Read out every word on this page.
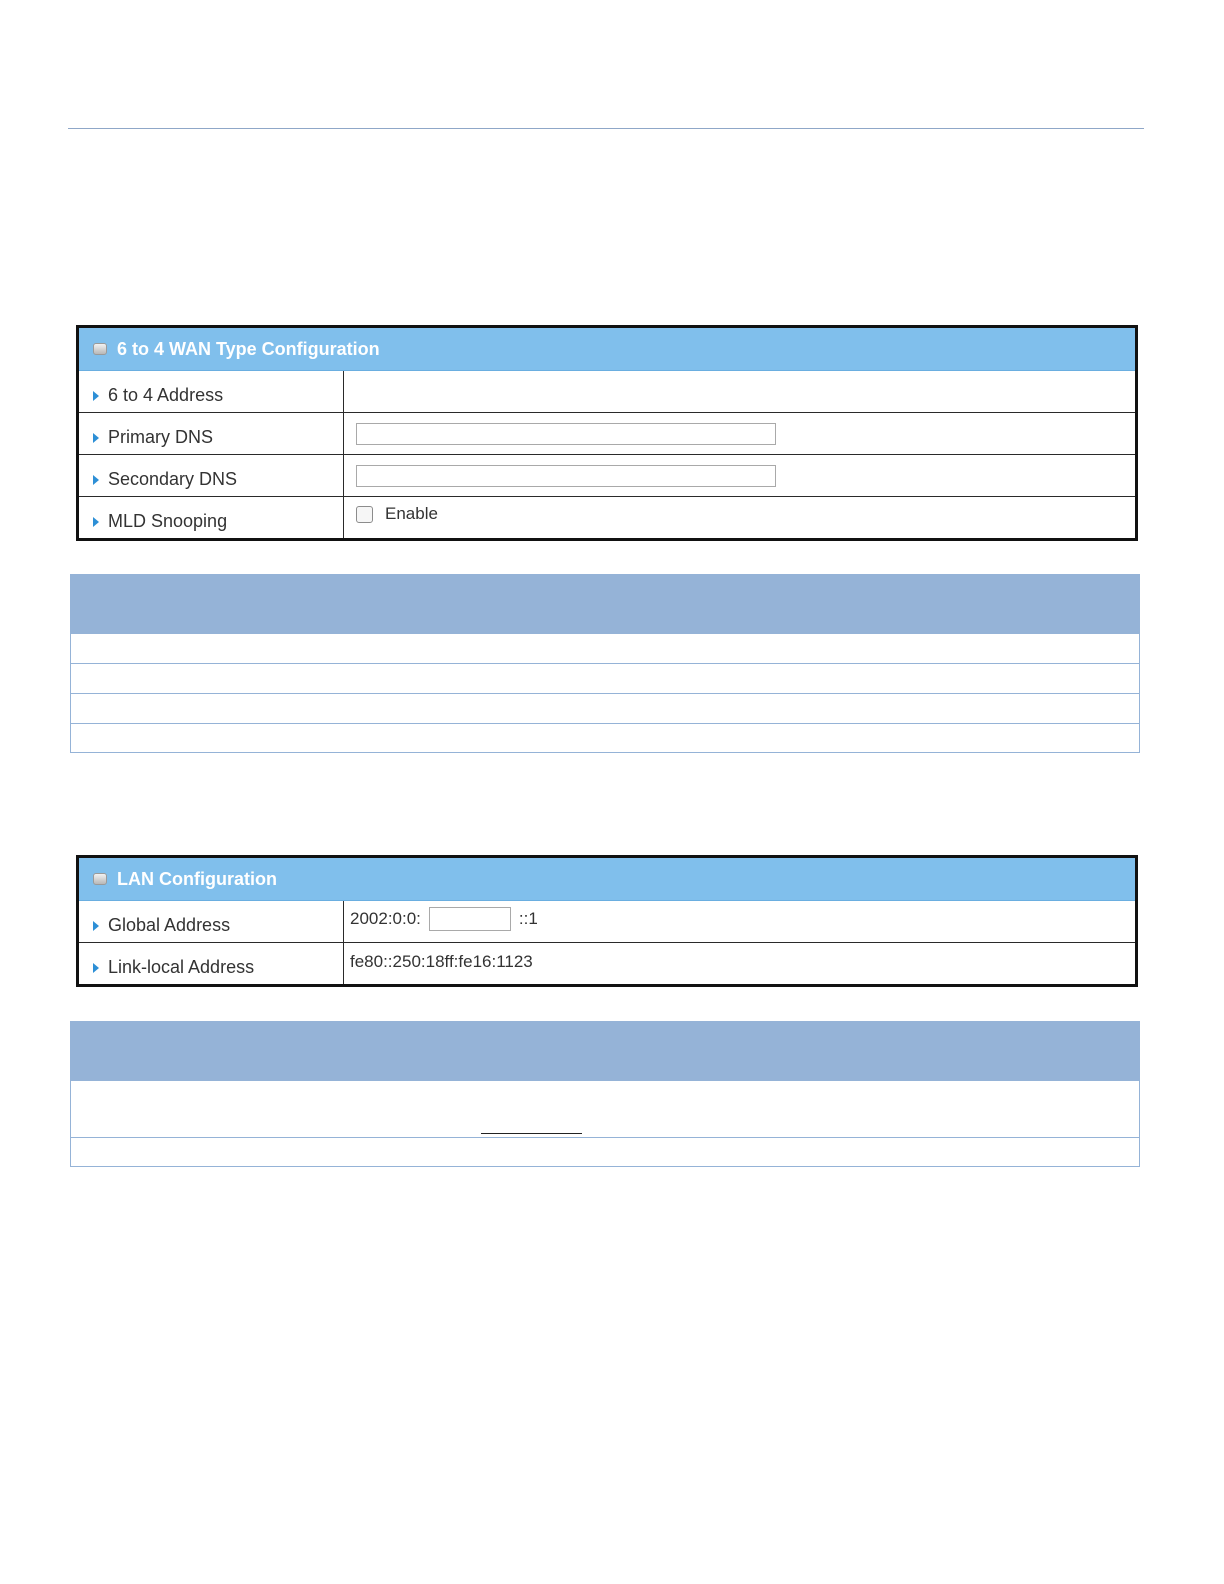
6 to 4 WAN Type Configuration
6 to 4 Address
Primary DNS
Secondary DNS
MLD Snooping	Enable
LAN Configuration
Global Address	2002:0:0:	::1
Link-local Address	fe80::250:18ff:fe16:1123
